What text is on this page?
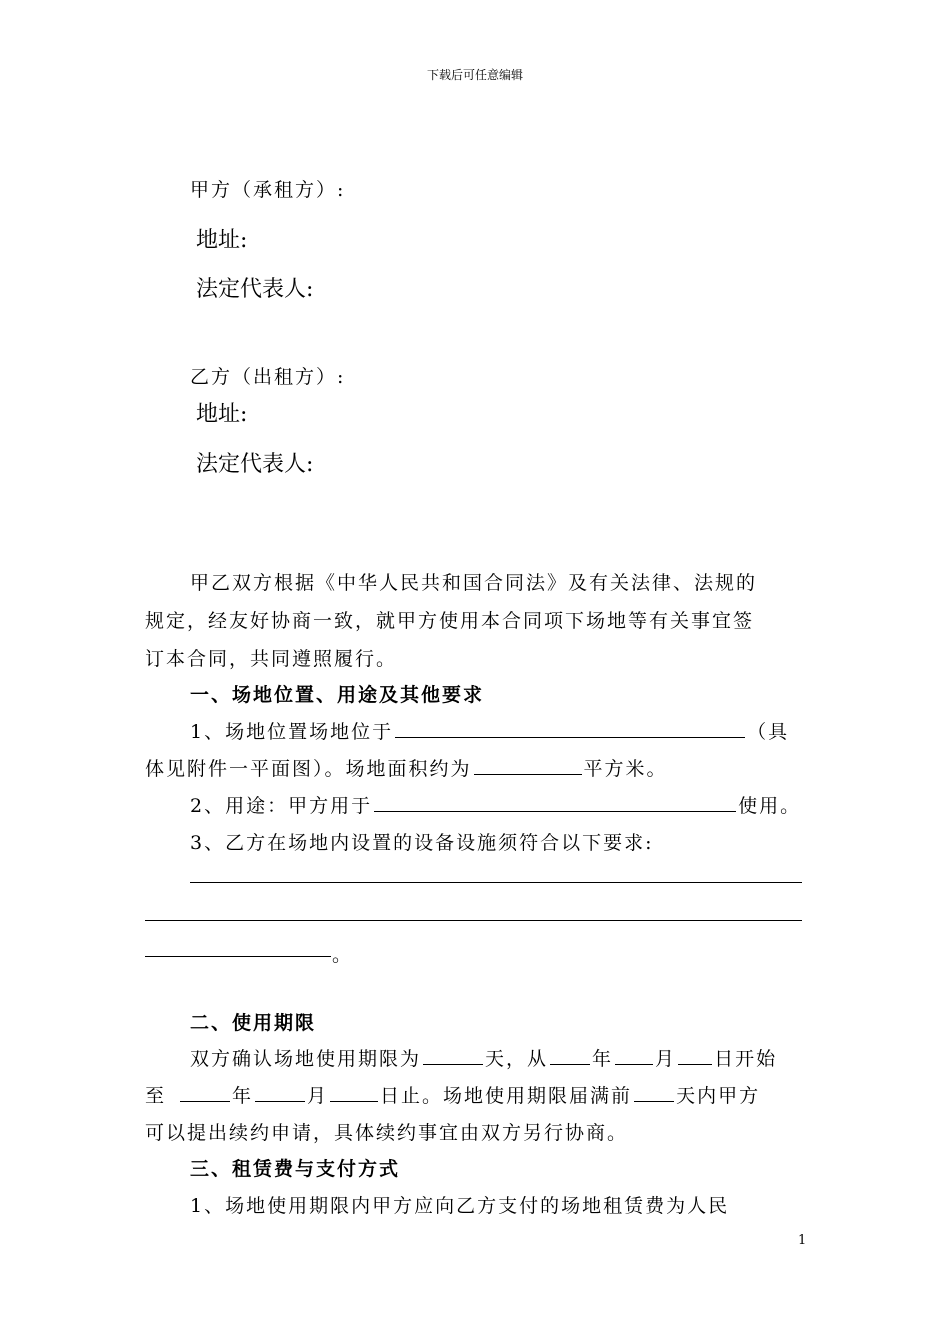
下载后可任意编辑
甲方（承租方）:
地址:
法定代表人:
乙方（出租方）:
地址:
法定代表人:
甲乙双方根据《中华人民共和国合同法》及有关法律、法规的
规定，经友好协商一致，就甲方使用本合同项下场地等有关事宜签
订本合同，共同遵照履行。
一、场地位置、用途及其他要求
1、场地位置场地位于	（具
体见附件一平面图）。场地面积约为	平方米。
2、用途：甲方用于	使用。
3、乙方在场地内设置的设备设施须符合以下要求:
。
二、使用期限
双方确认场地使用期限为	天，从 年 月 日开始
至	年	月	日止。场地使用期限届满前 天内甲方
可以提出续约申请，具体续约事宜由双方另行协商。
三、租赁费与支付方式
1、场地使用期限内甲方应向乙方支付的场地租赁费为人民
1
